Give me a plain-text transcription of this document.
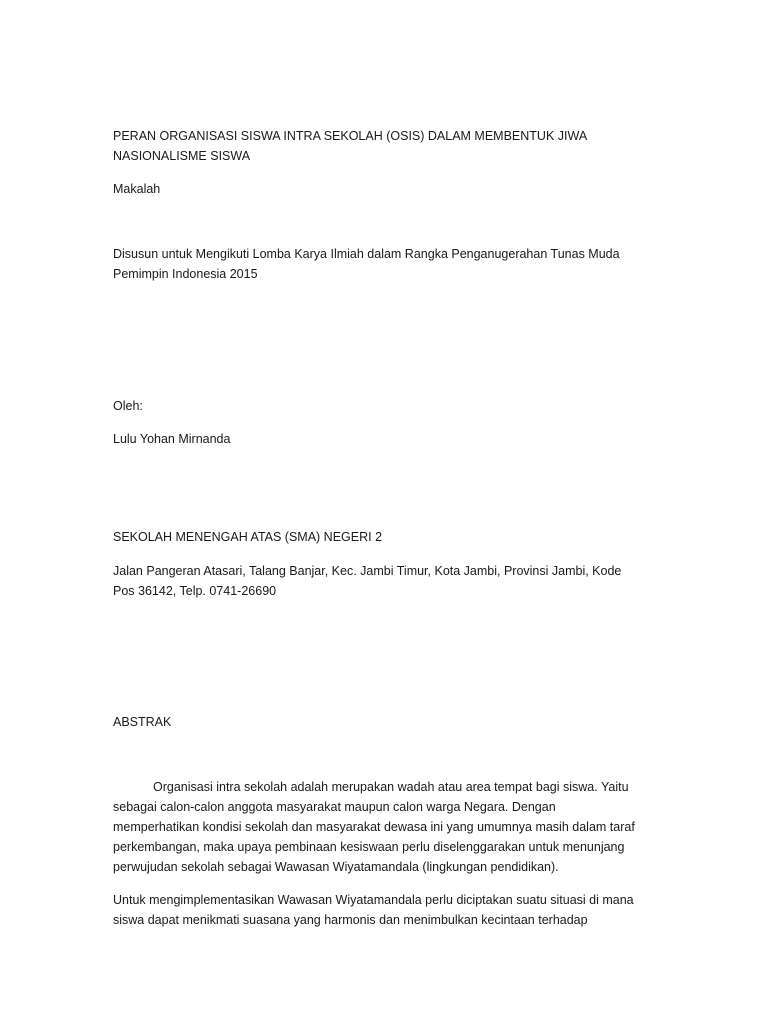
PERAN ORGANISASI SISWA INTRA SEKOLAH (OSIS) DALAM MEMBENTUK JIWA NASIONALISME SISWA

Makalah

Disusun untuk Mengikuti Lomba Karya Ilmiah dalam Rangka Penganugerahan Tunas Muda Pemimpin Indonesia 2015

Oleh:

Lulu Yohan Mirnanda

SEKOLAH MENENGAH ATAS (SMA) NEGERI 2

Jalan Pangeran Atasari, Talang Banjar, Kec. Jambi Timur, Kota Jambi, Provinsi Jambi, Kode Pos 36142, Telp. 0741-26690

ABSTRAK

Organisasi intra sekolah adalah merupakan wadah atau area tempat bagi siswa. Yaitu sebagai calon-calon anggota masyarakat maupun calon warga Negara. Dengan memperhatikan kondisi sekolah dan masyarakat dewasa ini yang umumnya masih dalam taraf perkembangan, maka upaya pembinaan kesiswaan perlu diselenggarakan untuk menunjang perwujudan sekolah sebagai Wawasan Wiyatamandala (lingkungan pendidikan).

Untuk mengimplementasikan Wawasan Wiyatamandala perlu diciptakan suatu situasi di mana siswa dapat menikmati suasana yang harmonis dan menimbulkan kecintaan terhadap
